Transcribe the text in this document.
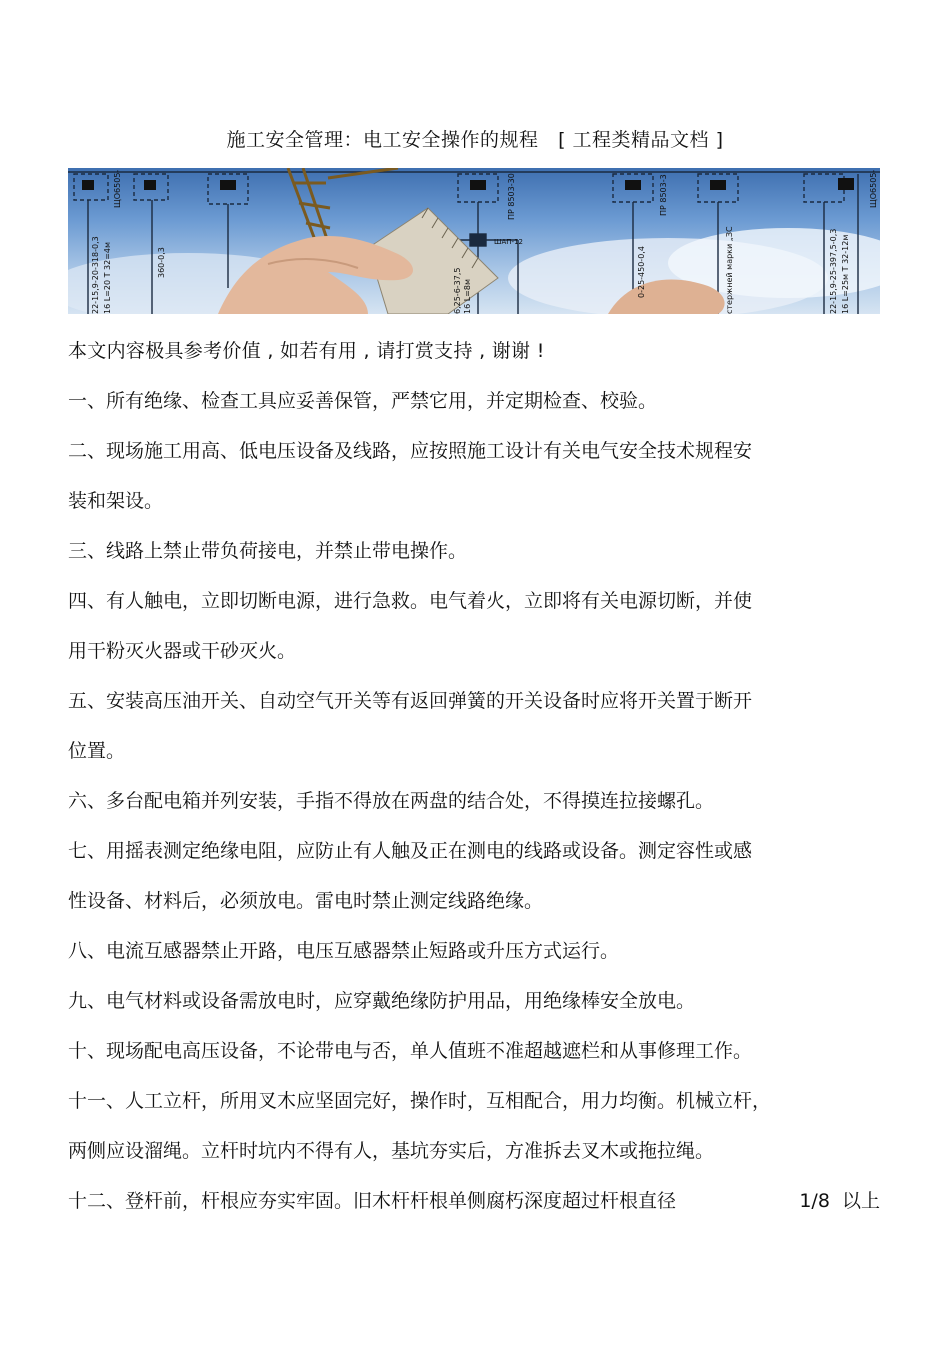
施工安全管理：电工安全操作的规程   [ 工程类精品文档 ]
22-15,9-20-318-0,3 16 L=20 T 32=4м
ЩО6505-
360-0,3
ПР 8503-30
ШАП-12
6,25-6-37,5 16 L=8м
ПР 8503-3
0-25-450-0,4	стержней марки „ЗС
ЩО6505-
22-15,9-25-397,5-0,3 16 L=25м T 32-12м

本文内容极具参考价值 , 如若有用 , 请打赏支持 , 谢谢 !

一、所有绝缘、检查工具应妥善保管，严禁它用，并定期检查、校验。

二、现场施工用高、低电压设备及线路，应按照施工设计有关电气安全技术规程安

装和架设。

三、线路上禁止带负荷接电，并禁止带电操作。

四、有人触电，立即切断电源，进行急救。电气着火，立即将有关电源切断，并使

用干粉灭火器或干砂灭火。

五、安装高压油开关、自动空气开关等有返回弹簧的开关设备时应将开关置于断开

位置。

六、多台配电箱并列安装，手指不得放在两盘的结合处，不得摸连拉接螺孔。

七、用摇表测定绝缘电阻，应防止有人触及正在测电的线路或设备。测定容性或感

性设备、材料后，必须放电。雷电时禁止测定线路绝缘。

八、电流互感器禁止开路，电压互感器禁止短路或升压方式运行。

九、电气材料或设备需放电时，应穿戴绝缘防护用品，用绝缘棒安全放电。

十、现场配电高压设备，不论带电与否，单人值班不准超越遮栏和从事修理工作。

十一、人工立杆，所用叉木应坚固完好，操作时，互相配合，用力均衡。机械立杆，

两侧应设溜绳。立杆时坑内不得有人，基坑夯实后，方准拆去叉木或拖拉绳。

十二、登杆前，杆根应夯实牢固。旧木杆杆根单侧腐朽深度超过杆根直径	1/8  以上
